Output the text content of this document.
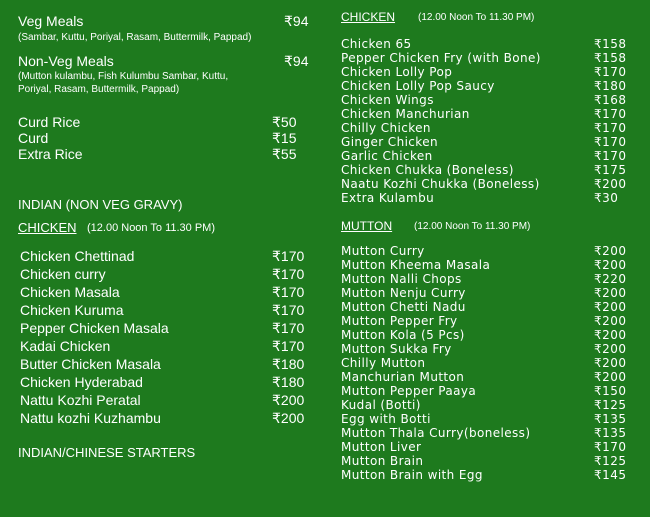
Veg Meals	₹94
(Sambar, Kuttu, Poriyal, Rasam, Buttermilk, Pappad)
Non-Veg Meals	₹94
(Mutton kulambu, Fish Kulumbu Sambar, Kuttu,
Poriyal, Rasam, Buttermilk, Pappad)
Curd Rice	₹50
Curd	₹15
Extra Rice	₹55
INDIAN (NON VEG GRAVY)
CHICKEN (12.00 Noon To 11.30 PM)
Chicken Chettinad	₹170
Chicken curry	₹170
Chicken Masala	₹170
Chicken Kuruma	₹170
Pepper Chicken Masala	₹170
Kadai Chicken	₹170
Butter Chicken Masala	₹180
Chicken Hyderabad	₹180
Nattu Kozhi Peratal	₹200
Nattu kozhi Kuzhambu	₹200
INDIAN/CHINESE STARTERS
CHICKEN (12.00 Noon To 11.30 PM)
Chicken 65	₹158
Pepper Chicken Fry (with Bone)	₹158
Chicken Lolly Pop	₹170
Chicken Lolly Pop Saucy	₹180
Chicken Wings	₹168
Chicken Manchurian	₹170
Chilly Chicken	₹170
Ginger Chicken	₹170
Garlic Chicken	₹170
Chicken Chukka (Boneless)	₹175
Naatu Kozhi Chukka (Boneless)	₹200
Extra Kulambu	₹30
MUTTON (12.00 Noon To 11.30 PM)
Mutton Curry	₹200
Mutton Kheema Masala	₹200
Mutton Nalli Chops	₹220
Mutton Nenju Curry	₹200
Mutton Chetti Nadu	₹200
Mutton Pepper Fry	₹200
Mutton Kola (5 Pcs)	₹200
Mutton Sukka Fry	₹200
Chilly Mutton	₹200
Manchurian Mutton	₹200
Mutton Pepper Paaya	₹150
Kudal (Botti)	₹125
Egg with Botti	₹135
Mutton Thala Curry(boneless)	₹135
Mutton Liver	₹170
Mutton Brain	₹125
Mutton Brain with Egg	₹145
